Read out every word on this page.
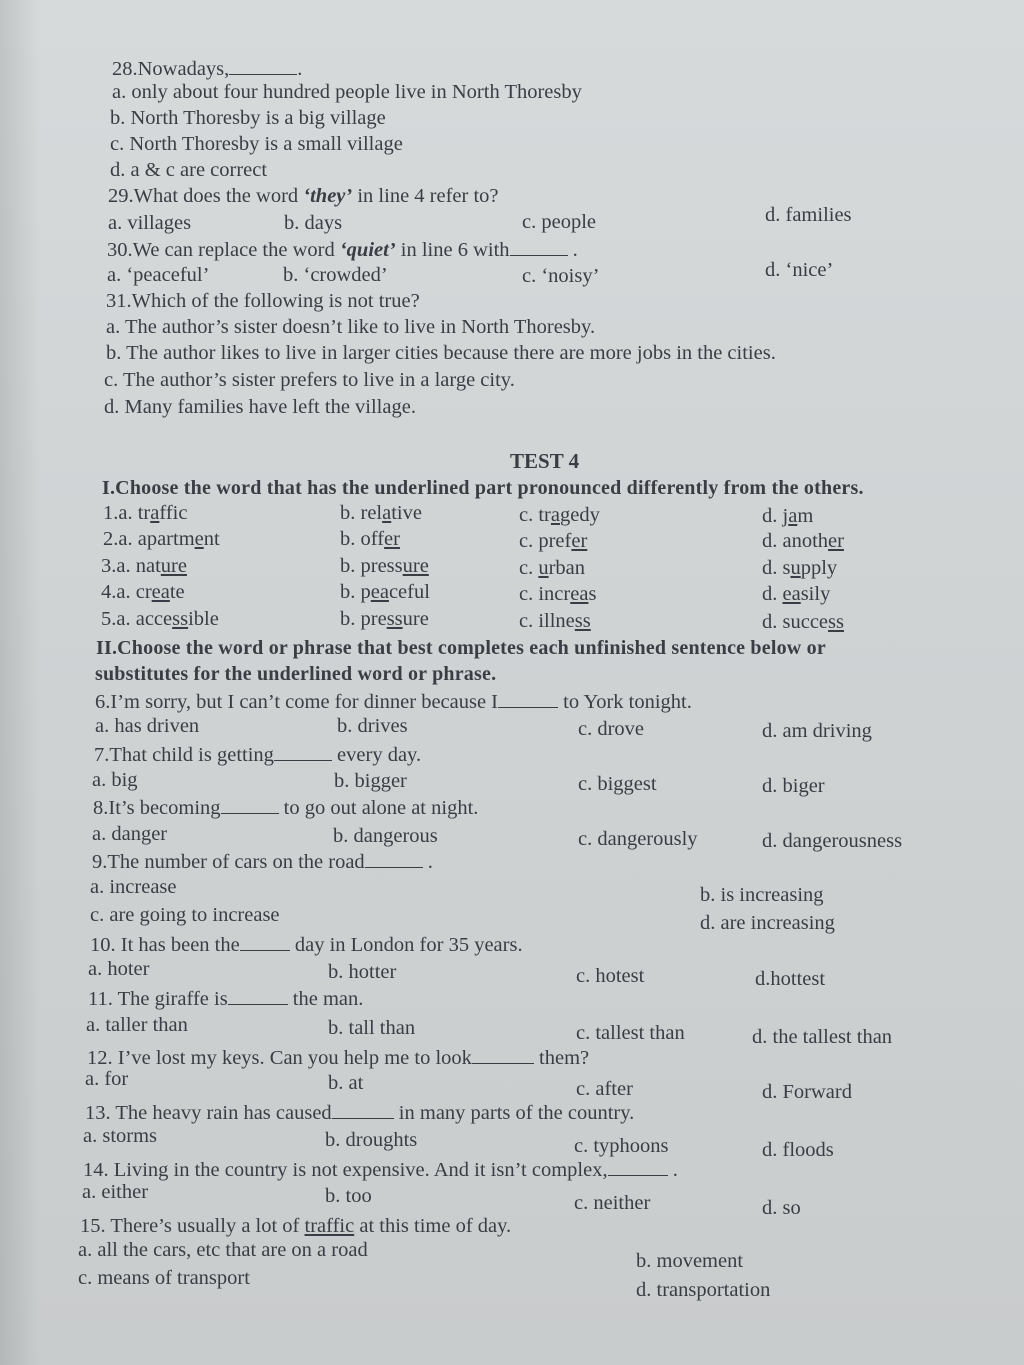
28.Nowadays,	.
a. only about four hundred people live in North Thoresby
b. North Thoresby is a big village
c. North Thoresby is a small village
d. a & c are correct
29.What does the word ‘they’ in line 4 refer to?
a. villages	b. days	c. people	d. families
30.We can replace the word ‘quiet’ in line 6 with	.
a. ‘peaceful’	b. ‘crowded’	c. ‘noisy’	d. ‘nice’
31.Which of the following is not true?
a. The author’s sister doesn’t like to live in North Thoresby.
b. The author likes to live in larger cities because there are more jobs in the cities.
c. The author’s sister prefers to live in a large city.
d. Many families have left the village.
TEST 4
I.Choose the word that has the underlined part pronounced differently from the others.
1.a. traffic	b. relative	c. tragedy	d. jam
2.a. apartment	b. offer	c. prefer	d. another
3.a. nature	b. pressure	c. urban	d. supply
4.a. create	b. peaceful	c. increas	d. easily
5.a. accessible	b. pressure	c. illness	d. success
II.Choose the word or phrase that best completes each unfinished sentence below or
substitutes for the underlined word or phrase.
6.I’m sorry, but I can’t come for dinner because I	to York tonight.
a. has driven	b. drives	c. drove	d. am driving
7.That child is getting	every day.
a. big	b. bigger	c. biggest	d. biger
8.It’s becoming	to go out alone at night.
a. danger	b. dangerous	c. dangerously	d. dangerousness
9.The number of cars on the road	.
a. increase	b. is increasing
c. are going to increase	d. are increasing
10. It has been the	day in London for 35 years.
a. hoter	b. hotter	c. hotest	d.hottest
11. The giraffe is	the man.
a. taller than	b. tall than	c. tallest than	d. the tallest than
12. I’ve lost my keys. Can you help me to look	them?
a. for	b. at	c. after	d. Forward
13. The heavy rain has caused	in many parts of the country.
a. storms	b. droughts	c. typhoons	d. floods
14. Living in the country is not expensive. And it isn’t complex,	.
a. either	b. too	c. neither	d. so
15. There’s usually a lot of traffic at this time of day.
a. all the cars, etc that are on a road	b. movement
c. means of transport
d. transportation
